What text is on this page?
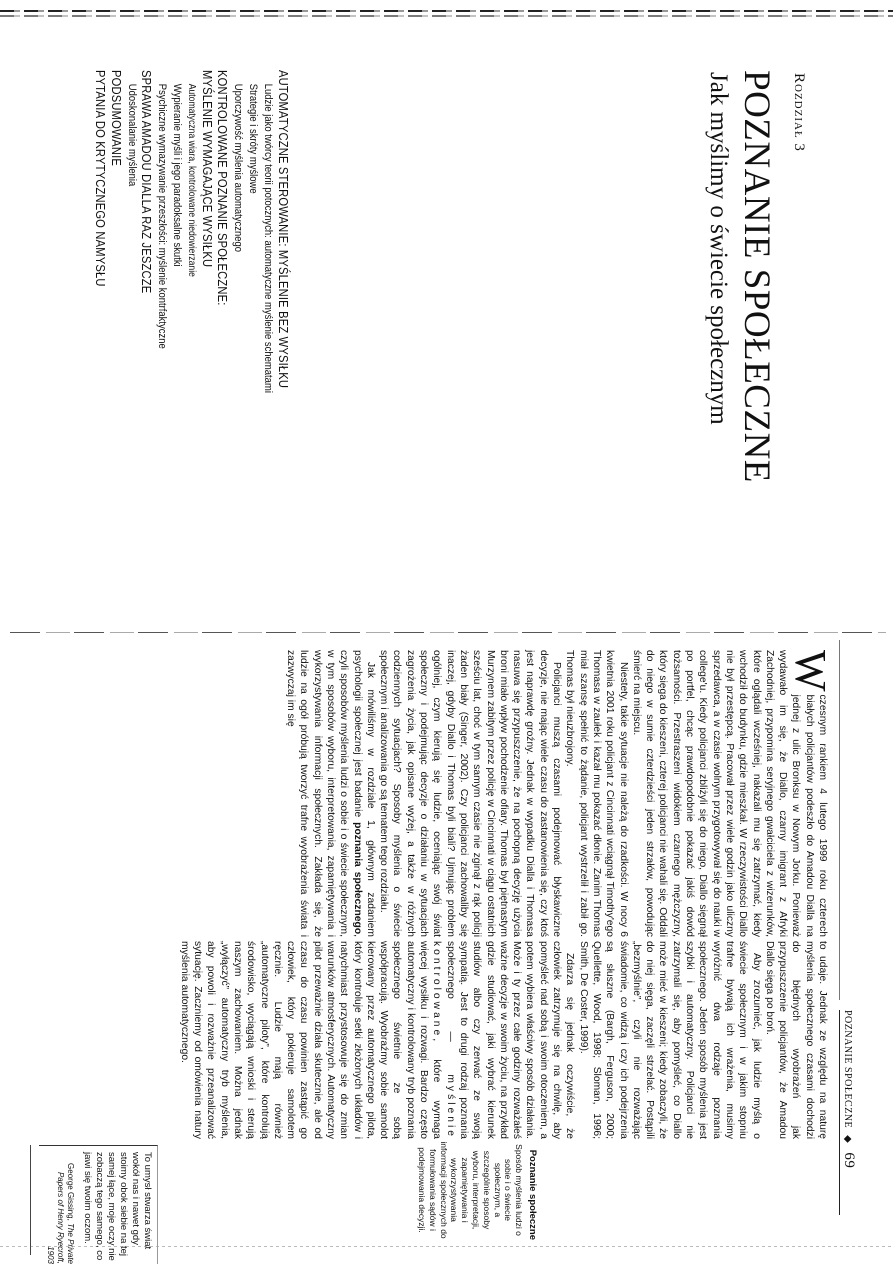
Rozdział 3
POZNANIE SPOŁECZNE
Jak myślimy o świecie społecznym
AUTOMATYCZNE STEROWANIE: MYŚLENIE BEZ WYSIŁKU
Ludzie jako twórcy teorii potocznych: automatyczne myślenie schematami
Strategie i skróty myślowe
Uporczywość myślenia automatycznego
KONTROLOWANE POZNANIE SPOŁECZNE:
MYŚLENIE WYMAGAJĄCE WYSIŁKU
Automatyczna wiara, kontrolowane niedowierzanie
Wypieranie myśli i jego paradoksalne skutki
Psychiczne wymazywanie przeszłości: myślenie kontrfaktyczne
SPRAWA AMADOU DIALLA RAZ JESZCZE
Udoskonalanie myślenia
PODSUMOWANIE
PYTANIA DO KRYTYCZNEGO NAMYSŁU
POZNANIE SPOŁECZNE ◆ 69

W
czesnym rankiem 4 lutego 1999 roku czterech białych policjantów podeszło do Amadou Dialla na jednej z ulic Bronksu w Nowym Jorku. Ponieważ wydawało im się, że Diallo, czarny imigrant z Afryki Zachodniej, przypomina seryjnego gwałciciela z wizerunków, które oglądali wcześniej, nakazali mu się zatrzymać, kiedy wchodził do budynku, gdzie mieszkał. W rzeczywistości Diallo nie był przestępcą. Pracował przez wiele godzin jako uliczny sprzedawca, a w czasie wolnym przygotowywał się do nauki w college'u. Kiedy policjanci zbliżyli się do niego, Diallo sięgnął po portfel, chcąc prawdopodobnie pokazać jakiś dowód tożsamości. Przestraszeni widokiem czarnego mężczyzny, który sięga do kieszeni, czterej policjanci nie wahali się. Oddali do niego w sumie czterdzieści jeden strzałów, powodując śmierć na miejscu.

Niestety, takie sytuacje nie należą do rzadkości. W nocy 6 kwietnia 2001 roku policjant z Cincinnati wciągnął Timothy'ego Thomasa w zaułek i kazał mu pokazać dłonie. Zanim Thomas miał szansę spełnić to żądanie, policjant wystrzelił i zabił go. Thomas był nieuzbrojony.

Policjanci muszą czasami podejmować błyskawiczne decyzje, nie mając wiele czasu do zastanowienia się, czy ktoś jest naprawdę groźny. Jednak w wypadku Dialla i Thomasa nasuwa się przypuszczenie, że na pochopną decyzję użycia broni miało wpływ pochodzenie ofiary. Thomas był piętnastym Murzynem zabitym przez policję w Cincinnati w ciągu ostatnich sześciu lat, choć w tym samym czasie nie zginął z rąk policji żaden biały (Singer, 2002). Czy policjanci zachowaliby się inaczej, gdyby Diallo i Thomas byli biali? Ujmując problem ogólniej, czym kierują się ludzie, oceniając swój świat społeczny i podejmując decyzje o działaniu w sytuacjach zagrożenia życia, jak opisane wyżej, a także w różnych codziennych sytuacjach? Sposoby myślenia o świecie społecznym i analizowania go są tematem tego rozdziału.

Jak mówiliśmy w rozdziale 1, głównym zadaniem psychologii społecznej jest badanie poznania społecznego, czyli sposobów myślenia ludzi o sobie i o świecie społecznym, w tym sposobów wyboru, interpretowania, zapamiętywania i wykorzystywania informacji społecznych. Zakłada się, że ludzie na ogół próbują tworzyć trafne wyobrażenia świata i zazwyczaj im się

to udaje. Jednak ze względu na naturę myślenia społecznego czasami dochodzi do błędnych wyobrażeń jak przypuszczenie policjantów, że Amadou Diallo sięga po broń.

Aby zrozumieć, jak ludzie myślą o świecie społecznym i w jakim stopniu trafne bywają ich wrażenia, musimy wyróżnić dwa rodzaje poznania społecznego. Jeden sposób myślenia jest szybki i automatyczny. Policjanci nie zatrzymali się, aby pomyśleć, co Diallo może mieć w kieszeni; kiedy zobaczyli, że do niej sięga, zaczęli strzelać. Postąpili „bezmyślnie”, czyli nie rozważając świadomie, co widzą i czy ich podejrzenia są słuszne (Bargh, Ferguson, 2000; Quellette, Wood, 1998; Sloman, 1996; Smith, De Coster, 1999).

Zdarza się jednak oczywiście, że człowiek zatrzymuje się na chwilę, aby pomyśleć nad sobą i swoim otoczeniem, a potem wybiera właściwy sposób działania. Może i ty przez całe godziny rozważałeś ważne decyzje w swoim życiu, na przykład gdzie studiować, jaki wybrać kierunek studiów albo czy zerwać ze swoją sympatią. Jest to drugi rodzaj poznania społecznego — myślenie kontrolowane, które wymaga więcej wysiłku i rozwagi. Bardzo często automatyczny i kontrolowany tryb poznania społecznego świetnie ze sobą współpracują. Wyobraźmy sobie samolot kierowany przez automatycznego pilota, który kontroluje setki złożonych układów i natychmiast przystosowuje się do zmian warunków atmosferycznych. Automatyczny pilot przeważnie działa skutecznie, ale od czasu do czasu powinien zastąpić go człowiek, który pokieruje samolotem ręcznie. Ludzie mają również „automatyczne piloty”, które kontrolują środowisko, wyciągają wnioski i sterują naszym zachowaniem. Można jednak „wyłączyć” automatyczny tryb myślenia, aby powoli i rozważnie przeanalizować sytuację. Zaczniemy od omówienia natury myślenia automatycznego.

Poznanie społeczne
Sposób myślenia ludzi o sobie i o świecie społecznym, a szczególnie sposoby wyboru, interpretacji, zapamiętywania i wykorzystywania informacji społecznych do formułowania sądów i podejmowania decyzji.
To umysł stwarza świat wokół nas i nawet gdy stoimy obok siebie na tej samej łące, moje oczy nie zobaczą tego samego, co jawi się twoim oczom.
George Gissing, The Private Papers of Henry Ryecroft,
1903
